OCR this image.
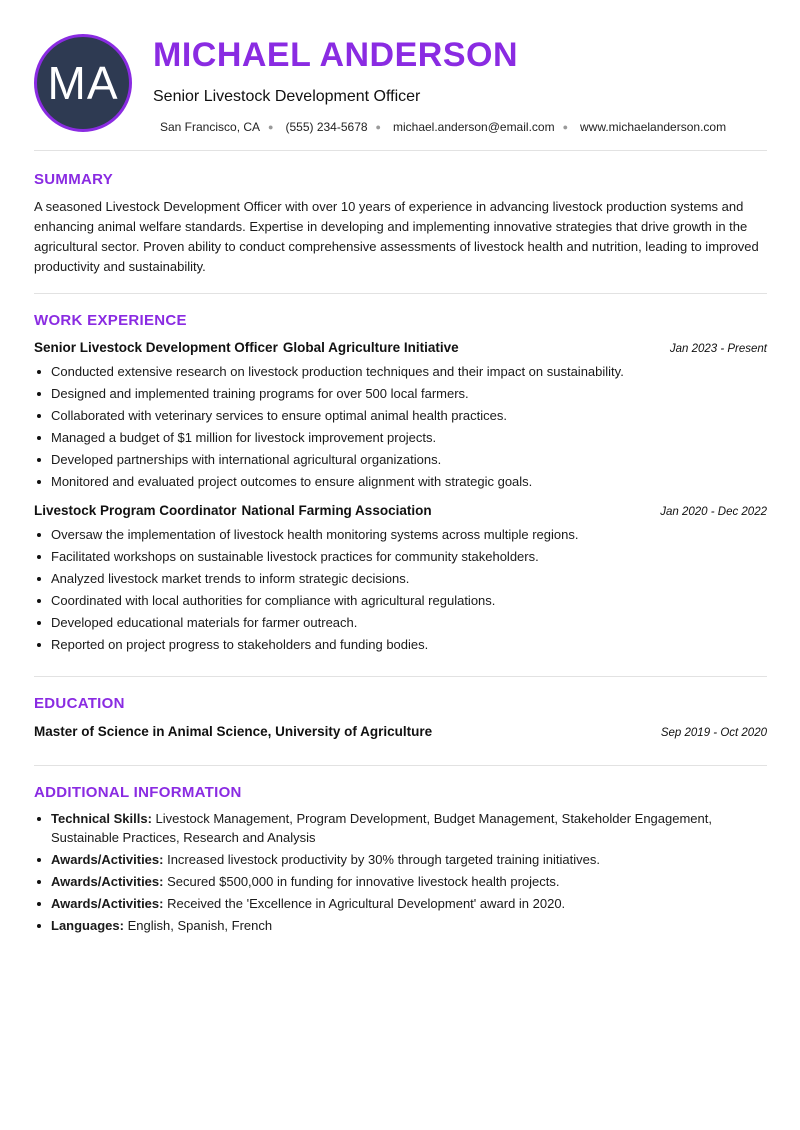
MA
MICHAEL ANDERSON
Senior Livestock Development Officer
San Francisco, CA ● (555) 234-5678 ● michael.anderson@email.com ● www.michaelanderson.com
SUMMARY

A seasoned Livestock Development Officer with over 10 years of experience in advancing livestock production systems and enhancing animal welfare standards. Expertise in developing and implementing innovative strategies that drive growth in the agricultural sector. Proven ability to conduct comprehensive assessments of livestock health and nutrition, leading to improved productivity and sustainability.

WORK EXPERIENCE
Senior Livestock Development Officer Global Agriculture Initiative	Jan 2023 - Present
Conducted extensive research on livestock production techniques and their impact on sustainability.
Designed and implemented training programs for over 500 local farmers.
Collaborated with veterinary services to ensure optimal animal health practices.
Managed a budget of $1 million for livestock improvement projects.
Developed partnerships with international agricultural organizations.
Monitored and evaluated project outcomes to ensure alignment with strategic goals.
Livestock Program Coordinator National Farming Association	Jan 2020 - Dec 2022
Oversaw the implementation of livestock health monitoring systems across multiple regions.
Facilitated workshops on sustainable livestock practices for community stakeholders.
Analyzed livestock market trends to inform strategic decisions.
Coordinated with local authorities for compliance with agricultural regulations.
Developed educational materials for farmer outreach.
Reported on project progress to stakeholders and funding bodies.
EDUCATION
Master of Science in Animal Science, University of Agriculture	Sep 2019 - Oct 2020
ADDITIONAL INFORMATION
Technical Skills: Livestock Management, Program Development, Budget Management, Stakeholder Engagement, Sustainable Practices, Research and Analysis
Awards/Activities: Increased livestock productivity by 30% through targeted training initiatives.
Awards/Activities: Secured $500,000 in funding for innovative livestock health projects.
Awards/Activities: Received the 'Excellence in Agricultural Development' award in 2020.
Languages: English, Spanish, French
